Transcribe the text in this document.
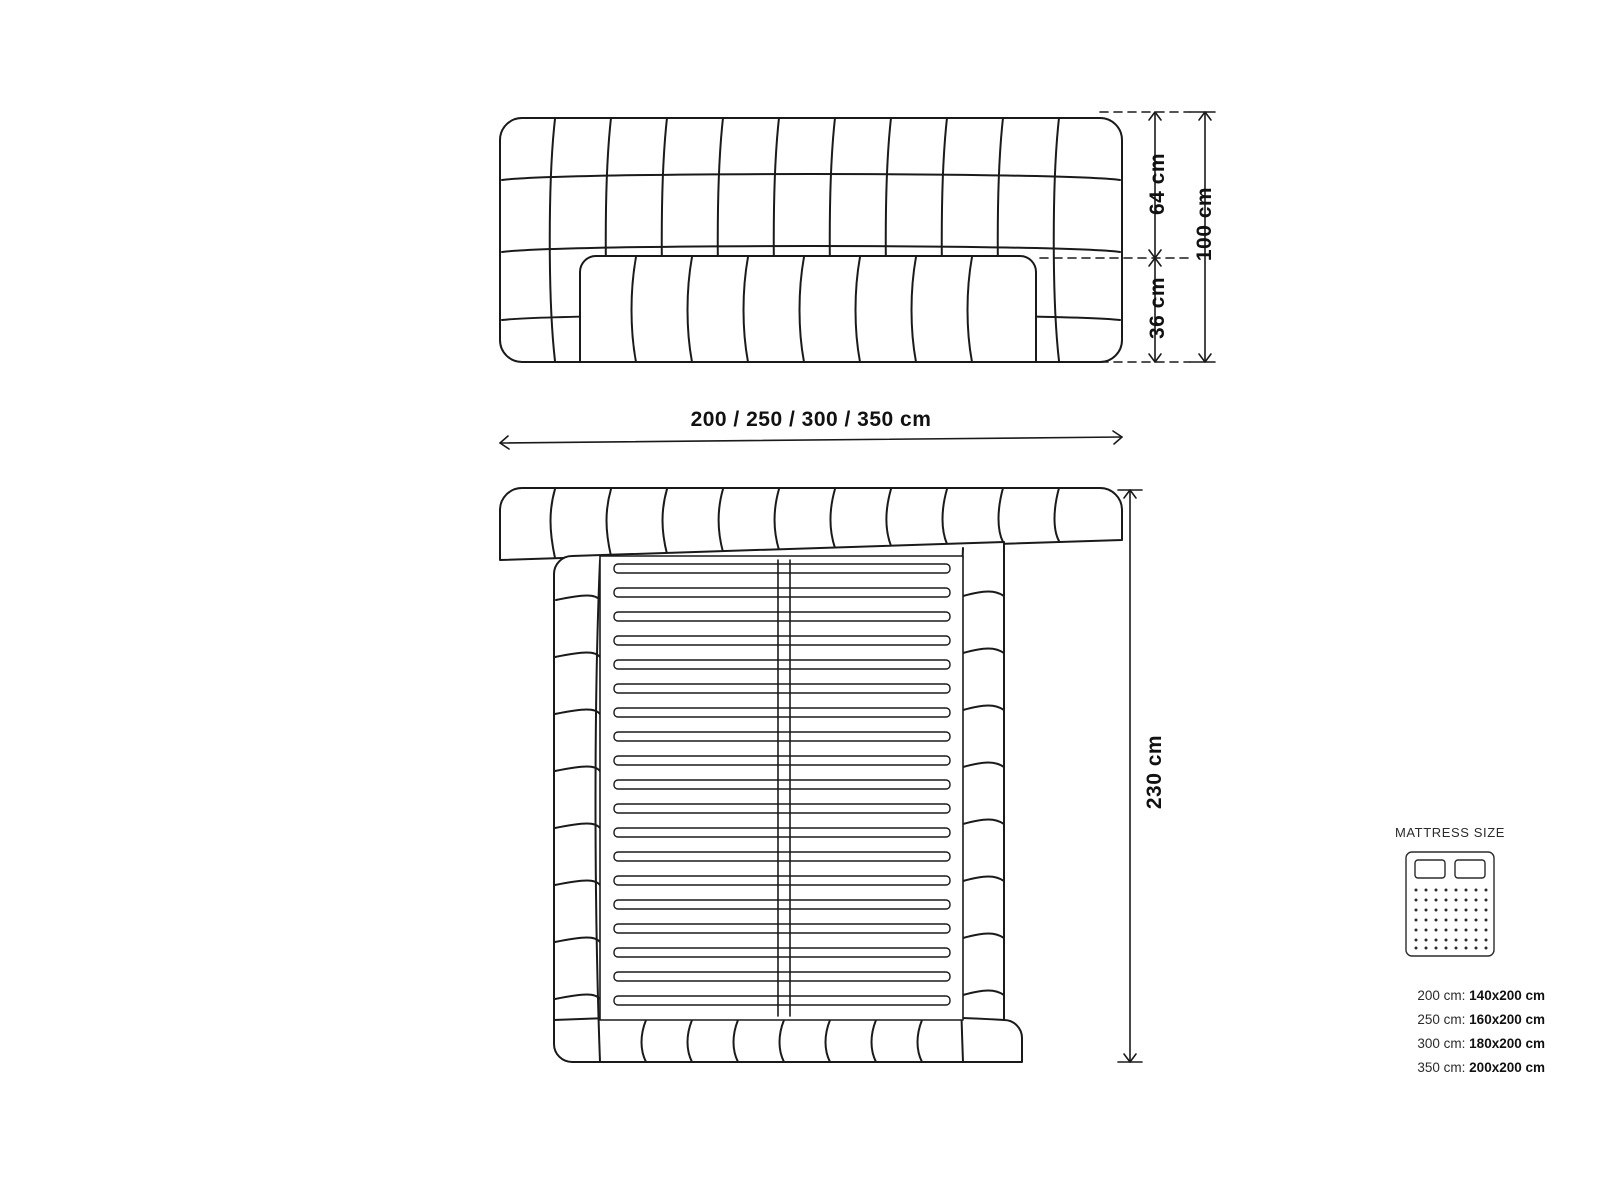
64 cm
36 cm
100 cm
200 / 250 / 300 / 350 cm
230 cm
MATTRESS SIZE
200 cm: 140x200 cm
250 cm: 160x200 cm
300 cm: 180x200 cm
350 cm: 200x200 cm
